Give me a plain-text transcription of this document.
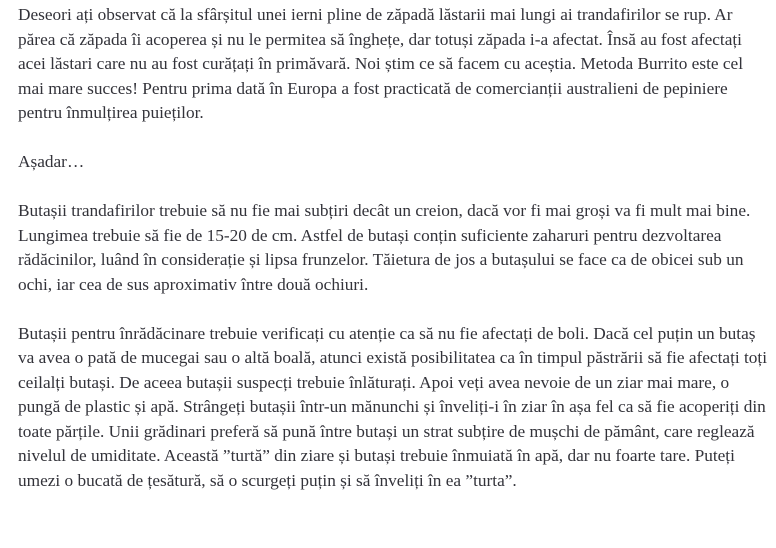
Deseori ați observat că la sfârșitul unei ierni pline de zăpadă lăstarii mai lungi ai trandafirilor se rup. Ar părea că zăpada îi acoperea și nu le permitea să înghețe, dar totuși zăpada i-a afectat. Însă au fost afectați acei lăstari care nu au fost curățați în primăvară. Noi știm ce să facem cu aceștia. Metoda Burrito este cel mai mare succes! Pentru prima dată în Europa a fost practicată de comercianții australieni de pepiniere pentru înmulțirea puieților.

Așadar…

Butașii trandafirilor trebuie să nu fie mai subțiri decât un creion, dacă vor fi mai groși va fi mult mai bine. Lungimea trebuie să fie de 15-20 de cm. Astfel de butași conțin suficiente zaharuri pentru dezvoltarea rădăcinilor, luând în considerație și lipsa frunzelor. Tăietura de jos a butașului se face ca de obicei sub un ochi, iar cea de sus aproximativ între două ochiuri.

Butașii pentru înrădăcinare trebuie verificați cu atenție ca să nu fie afectați de boli. Dacă cel puțin un butaș va avea o pată de mucegai sau o altă boală, atunci există posibilitatea ca în timpul păstrării să fie afectați toți ceilalți butași. De aceea butașii suspecți trebuie înlăturați. Apoi veți avea nevoie de un ziar mai mare, o pungă de plastic și apă. Strângeți butașii într-un mănunchi și înveliți-i în ziar în așa fel ca să fie acoperiți din toate părțile. Unii grădinari preferă să pună între butași un strat subțire de mușchi de pământ, care reglează nivelul de umiditate. Această ”turtă” din ziare și butași trebuie înmuiată în apă, dar nu foarte tare. Puteți umezi o bucată de țesătură, să o scurgeți puțin și să înveliți în ea ”turta”.
